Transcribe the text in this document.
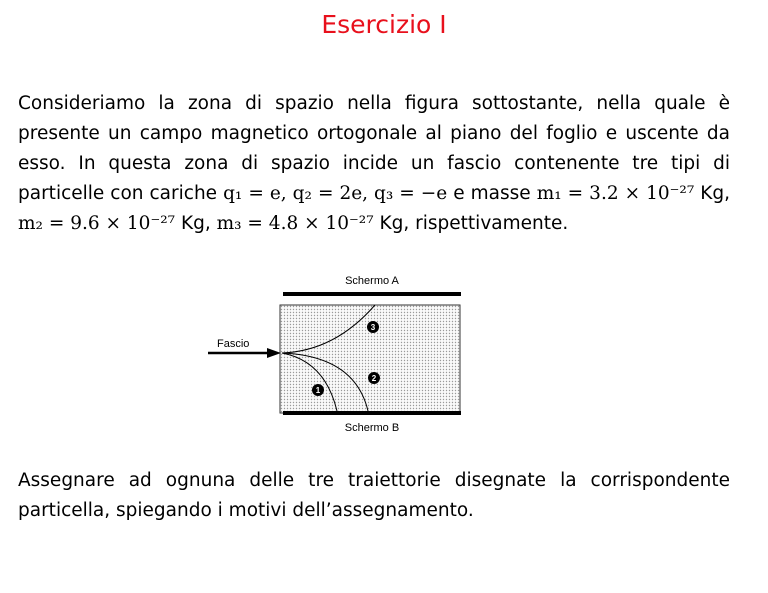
Esercizio I
Consideriamo la zona di spazio nella figura sottostante, nella quale è presente un campo magnetico ortogonale al piano del foglio e uscente da esso. In questa zona di spazio incide un fascio contenente tre tipi di particelle con cariche q₁ = e, q₂ = 2e, q₃ = −e e masse m₁ = 3.2 × 10⁻²⁷ Kg, m₂ = 9.6 × 10⁻²⁷ Kg, m₃ = 4.8 × 10⁻²⁷ Kg, rispettivamente.
Schermo A
Schermo B
Fascio
3
2
1
Assegnare ad ognuna delle tre traiettorie disegnate la corrispondente particella, spiegando i motivi dell’assegnamento.
